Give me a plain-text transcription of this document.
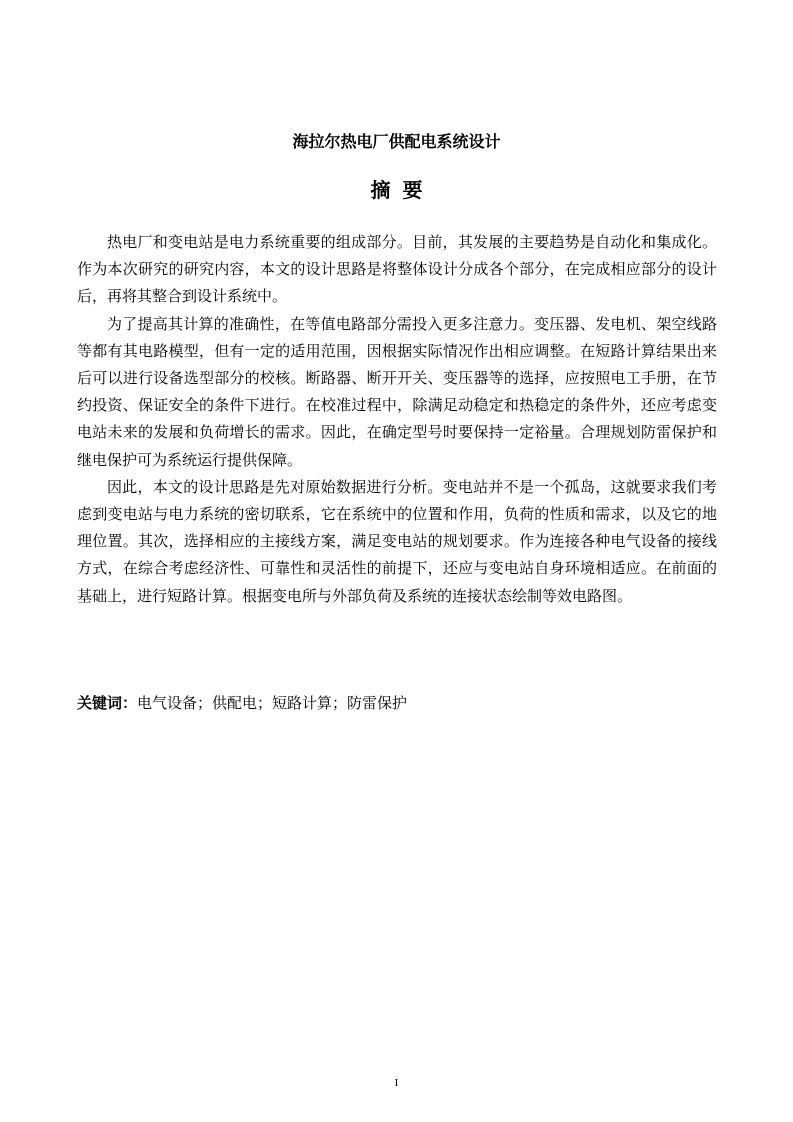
海拉尔热电厂供配电系统设计
摘要

热电厂和变电站是电力系统重要的组成部分。目前，其发展的主要趋势是自动化和集成化。作为本次研究的研究内容，本文的设计思路是将整体设计分成各个部分，在完成相应部分的设计后，再将其整合到设计系统中。

为了提高其计算的准确性，在等值电路部分需投入更多注意力。变压器、发电机、架空线路等都有其电路模型，但有一定的适用范围，因根据实际情况作出相应调整。在短路计算结果出来后可以进行设备选型部分的校核。断路器、断开开关、变压器等的选择，应按照电工手册，在节约投资、保证安全的条件下进行。在校准过程中，除满足动稳定和热稳定的条件外，还应考虑变电站未来的发展和负荷增长的需求。因此，在确定型号时要保持一定裕量。合理规划防雷保护和继电保护可为系统运行提供保障。

因此，本文的设计思路是先对原始数据进行分析。变电站并不是一个孤岛，这就要求我们考虑到变电站与电力系统的密切联系，它在系统中的位置和作用，负荷的性质和需求，以及它的地理位置。其次，选择相应的主接线方案，满足变电站的规划要求。作为连接各种电气设备的接线方式，在综合考虑经济性、可靠性和灵活性的前提下，还应与变电站自身环境相适应。在前面的基础上，进行短路计算。根据变电所与外部负荷及系统的连接状态绘制等效电路图。

关键词：电气设备；供配电；短路计算；防雷保护
I
